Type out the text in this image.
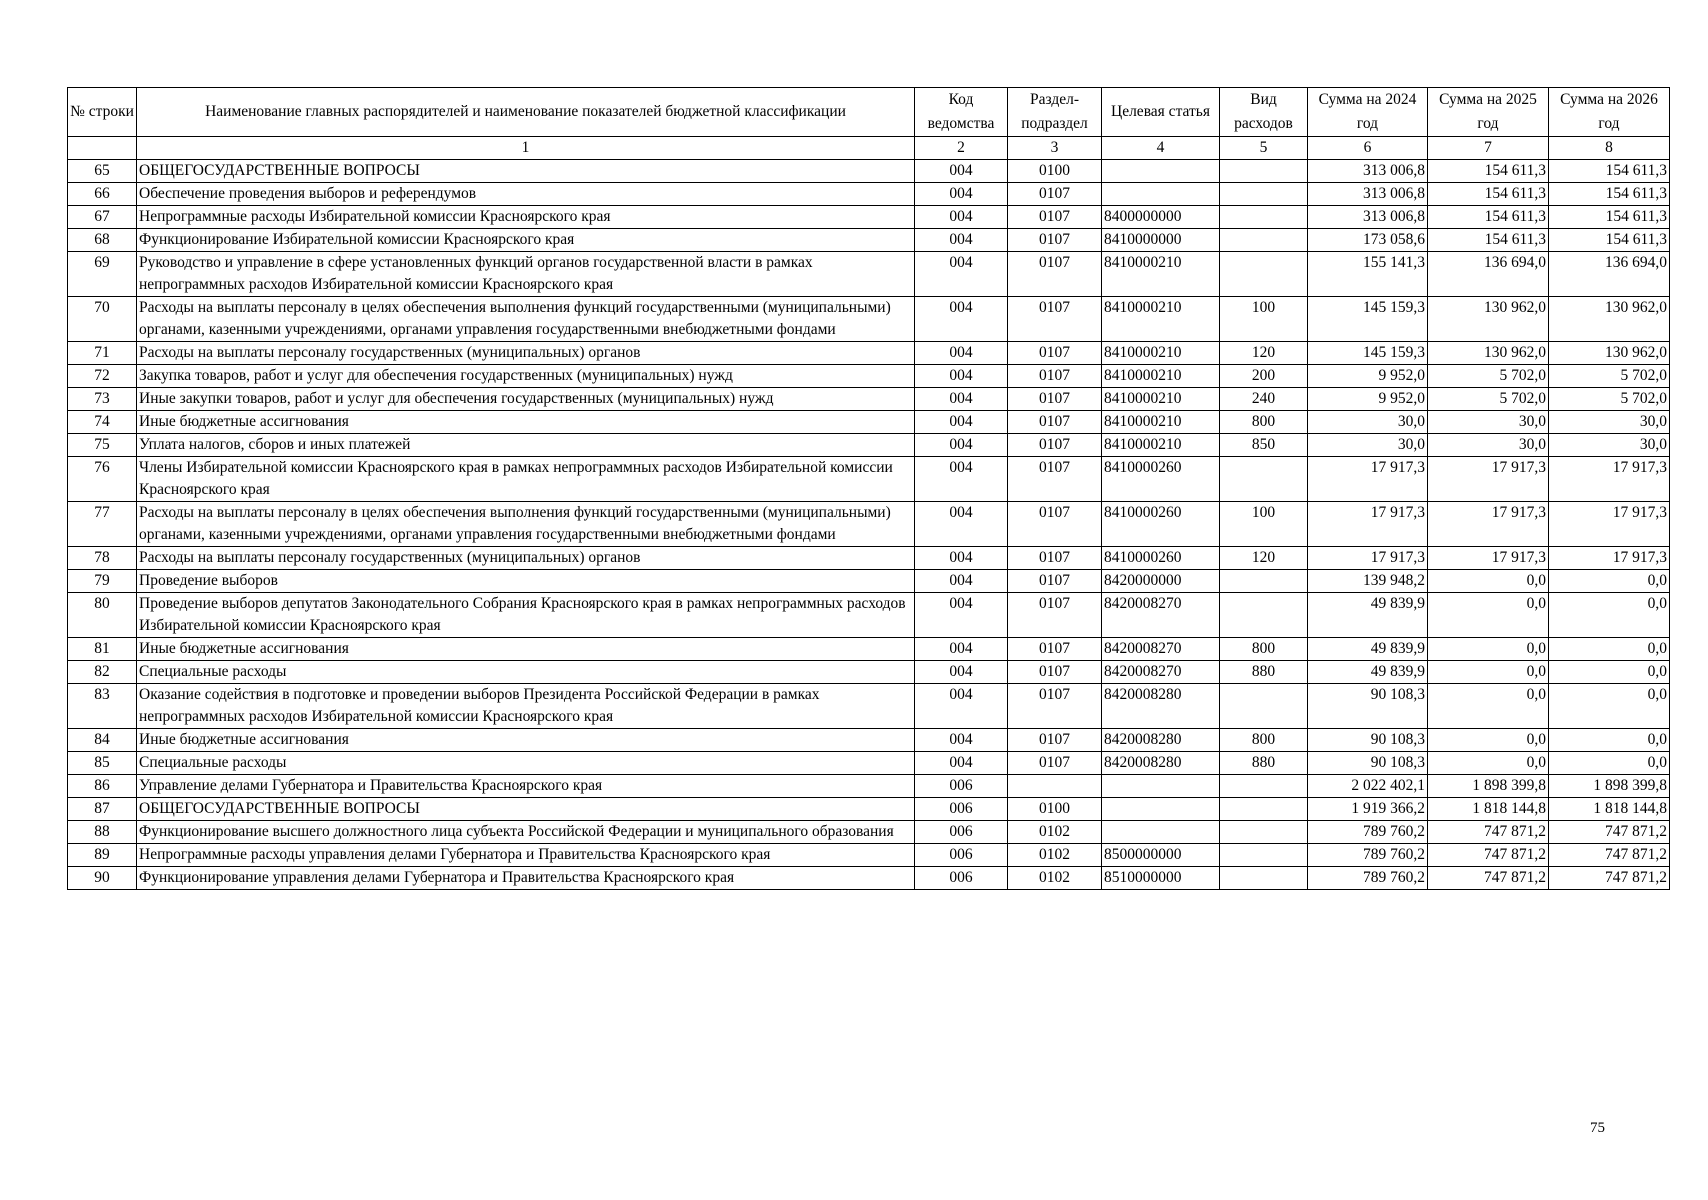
№ строки	Наименование главных распорядителей и наименование показателей бюджетной классификации	Код ведомства	Раздел-подраздел	Целевая статья	Вид расходов	Сумма на 2024 год	Сумма на 2025 год	Сумма на 2026 год
	1	2	3	4	5	6	7	8
65	ОБЩЕГОСУДАРСТВЕННЫЕ ВОПРОСЫ	004	0100			313 006,8	154 611,3	154 611,3
66	Обеспечение проведения выборов и референдумов	004	0107			313 006,8	154 611,3	154 611,3
67	Непрограммные расходы Избирательной комиссии Красноярского края	004	0107	8400000000		313 006,8	154 611,3	154 611,3
68	Функционирование Избирательной комиссии Красноярского края	004	0107	8410000000		173 058,6	154 611,3	154 611,3
69	Руководство и управление в сфере установленных функций органов государственной власти в рамках непрограммных расходов Избирательной комиссии Красноярского края	004	0107	8410000210		155 141,3	136 694,0	136 694,0
70	Расходы на выплаты персоналу в целях обеспечения выполнения функций государственными (муниципальными) органами, казенными учреждениями, органами управления государственными внебюджетными фондами	004	0107	8410000210	100	145 159,3	130 962,0	130 962,0
71	Расходы на выплаты персоналу государственных (муниципальных) органов	004	0107	8410000210	120	145 159,3	130 962,0	130 962,0
72	Закупка товаров, работ и услуг для обеспечения государственных (муниципальных) нужд	004	0107	8410000210	200	9 952,0	5 702,0	5 702,0
73	Иные закупки товаров, работ и услуг для обеспечения государственных (муниципальных) нужд	004	0107	8410000210	240	9 952,0	5 702,0	5 702,0
74	Иные бюджетные ассигнования	004	0107	8410000210	800	30,0	30,0	30,0
75	Уплата налогов, сборов и иных платежей	004	0107	8410000210	850	30,0	30,0	30,0
76	Члены Избирательной комиссии Красноярского края в рамках непрограммных расходов Избирательной комиссии Красноярского края	004	0107	8410000260		17 917,3	17 917,3	17 917,3
77	Расходы на выплаты персоналу в целях обеспечения выполнения функций государственными (муниципальными) органами, казенными учреждениями, органами управления государственными внебюджетными фондами	004	0107	8410000260	100	17 917,3	17 917,3	17 917,3
78	Расходы на выплаты персоналу государственных (муниципальных) органов	004	0107	8410000260	120	17 917,3	17 917,3	17 917,3
79	Проведение выборов	004	0107	8420000000		139 948,2	0,0	0,0
80	Проведение выборов депутатов Законодательного Собрания Красноярского края в рамках непрограммных расходов Избирательной комиссии Красноярского края	004	0107	8420008270		49 839,9	0,0	0,0
81	Иные бюджетные ассигнования	004	0107	8420008270	800	49 839,9	0,0	0,0
82	Специальные расходы	004	0107	8420008270	880	49 839,9	0,0	0,0
83	Оказание содействия в подготовке и проведении выборов Президента Российской Федерации в рамках непрограммных расходов Избирательной комиссии Красноярского края	004	0107	8420008280		90 108,3	0,0	0,0
84	Иные бюджетные ассигнования	004	0107	8420008280	800	90 108,3	0,0	0,0
85	Специальные расходы	004	0107	8420008280	880	90 108,3	0,0	0,0
86	Управление делами Губернатора и Правительства Красноярского края	006				2 022 402,1	1 898 399,8	1 898 399,8
87	ОБЩЕГОСУДАРСТВЕННЫЕ ВОПРОСЫ	006	0100			1 919 366,2	1 818 144,8	1 818 144,8
88	Функционирование высшего должностного лица субъекта Российской Федерации и муниципального образования	006	0102			789 760,2	747 871,2	747 871,2
89	Непрограммные расходы управления делами Губернатора и Правительства Красноярского края	006	0102	8500000000		789 760,2	747 871,2	747 871,2
90	Функционирование управления делами Губернатора и Правительства Красноярского края	006	0102	8510000000		789 760,2	747 871,2	747 871,2
75
